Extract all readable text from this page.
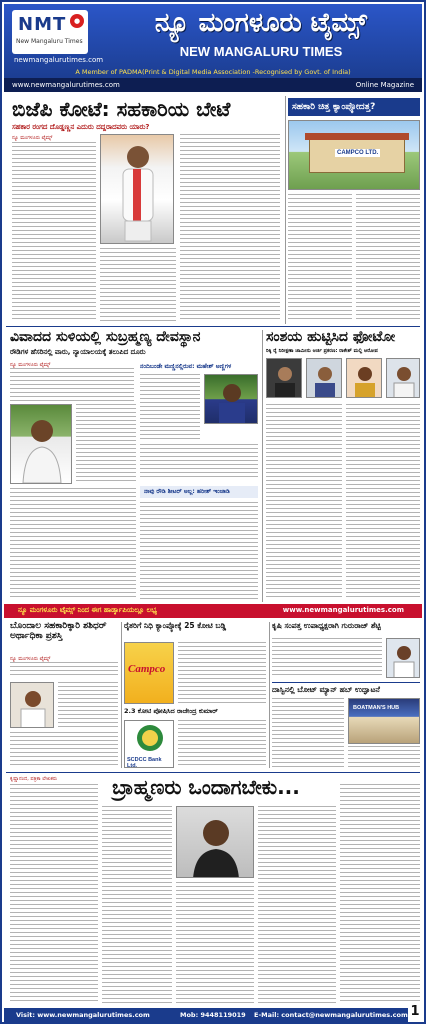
NMT	●
New Mangaluru Times
newmangalurutimes.com
ನ್ಯೂ ಮಂಗಳೂರು ಟೈಮ್ಸ್
NEW MANGALURU TIMES
A Member of PADMA(Print & Digital Media Association -Recognised by Govt. of India)
www.newmangalurutimes.com	Online Magazine
ಬಿಜೆಪಿ ಕೋಟೆ: ಸಹಕಾರಿಯ ಬೇಟೆ
ಸಹಕಾರ ರಂಗದ ದೊಡ್ಡಣ್ಣನ ಎದುರು ದದ್ದರಾದವರು ಯಾರು?
ನ್ಯೂ ಮಂಗಳೂರು ಟೈಮ್ಸ್
ಸಹಕಾರಿ ಚಿತ್ತ ಕ್ಯಾಂಪ್ಕೋದತ್ತ?
CAMPCO LTD.
ವಿವಾದದ ಸುಳಿಯಲ್ಲಿ ಸುಬ್ರಹ್ಮಣ್ಯ ದೇವಸ್ಥಾನ
ರೌಡಿಗಳ ಹೆಸರಿನಲ್ಲಿ ವಾರು, ನ್ಯಾಯಾಲಯಕ್ಕೆ ತಲುಪಿದ ದೂರು
ನ್ಯೂ ಮಂಗಳೂರು ಟೈಮ್ಸ್	ನಂದಿಬಂಡೇ ಮಣ್ಣಿನಲ್ಲಿರುವ: ಮಹೇಶ್ ಅಣ್ಣಿಗಳ
ನಾವು ರೌಡಿ ಶೀಟರ್ ಅಲ್ಲ: ಹರೀಶ್ ಇಂಜಾಡಿ
ಸಂಶಯ ಹುಟ್ಟಿಸಿದ ಫೋಟೋ
ರಿಕ್ಕಿ ರೈ ನಿರೀಕ್ಷಣಾ ಜಾಮೀನು ಅರ್ಜಿ ಪ್ರಕರಣ: ರಾಕೇಶ್ ಮಲ್ಲಿ ಆರೋಪ
ನ್ಯೂ ಮಂಗಳೂರು ಟೈಮ್ಸ್ ನಿಂದ ಈಗ ಹಾರ್ಡ್ಕಾಪಿಯಲ್ಲೂ ಲಭ್ಯ	www.newmangalurutimes.com
ಬೊಂದಾಲ ಸಹಕಾರಿಕ್ಕಾರಿ ಶಶಿಧರ್ ಅರ್ಥಾಧಿಕಾ ಪ್ರಶಸ್ತಿ
ನ್ಯೂ ಮಂಗಳೂರು ಟೈಮ್ಸ್
ರೈತರಿಗೆ ನಿಧಿ ಕ್ಯಾಂಪ್ಕೋಕ್ಕೆ 25 ಕೋಟಿ ಬಡ್ಡಿ
Campco
2.3 ಕೋಟಿ ಪೋಷಿಸಿದ ರಾಜೇಂದ್ರ ಕುಮಾರ್
SCDCC Bank Ltd.
ಕೃಷಿ ಸಂಪತ್ತ ಉಪಾಧ್ಯಕ್ಷರಾಗಿ ಗುರುರಾಜ್ ಶೆಟ್ಟಿ
ದಾಸ್ವಿನಲ್ಲಿ ಬೋಟ್ ಮ್ಯಾನ್ ಹಬ್ ಉದ್ಘಾಟನೆ
BOATMAN'S HUB
ಕೃಷ್ಣಾನಂದ, ಪತ್ರಿಕಾ ಲೇಖಕರು	ಬ್ರಾಹ್ಮಣರು ಒಂದಾಗಬೇಕು...
Visit: www.newmangalurutimes.com	Mob: 9448119019 E-Mail: contact@newmangalurutimes.com 1
